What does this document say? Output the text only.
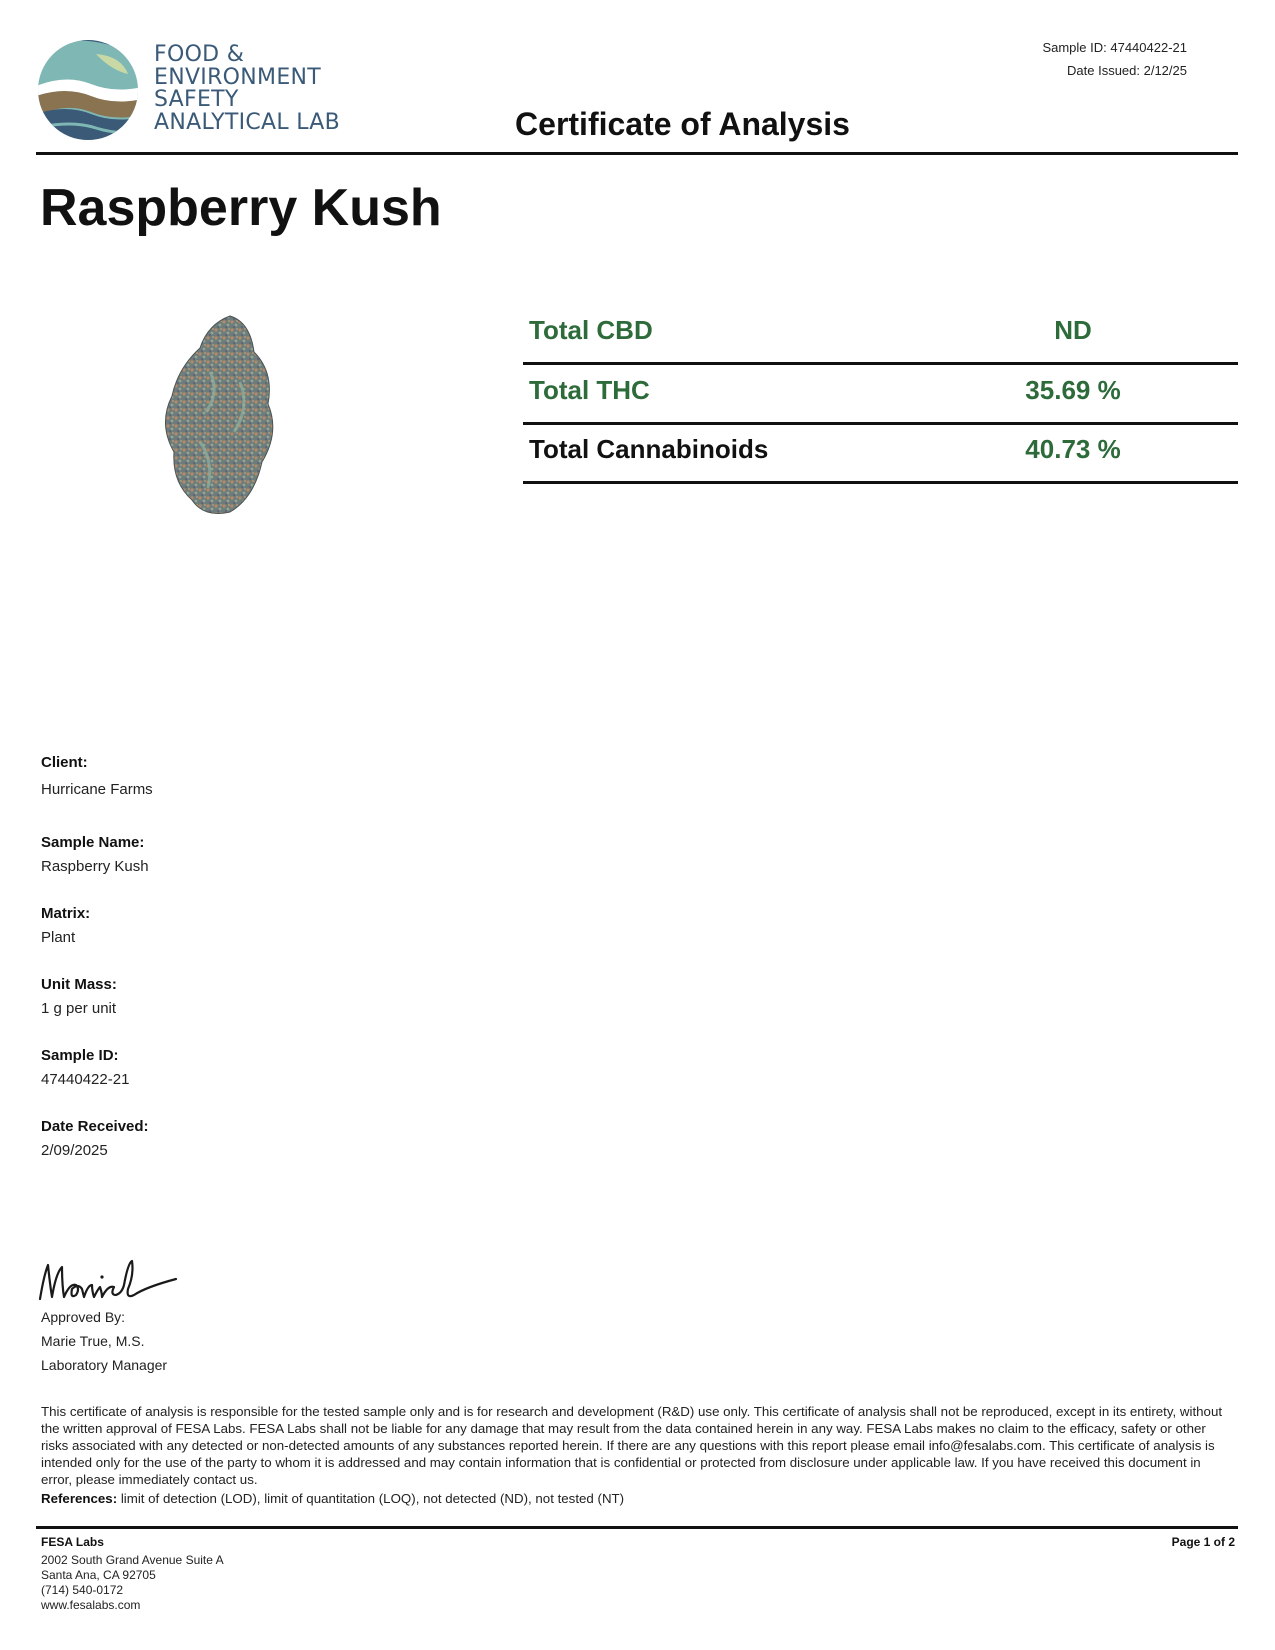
FOOD &
ENVIRONMENT
SAFETY
ANALYTICAL LAB
Sample ID: 47440422-21
Date Issued: 2/12/25
Certificate of Analysis
Raspberry Kush
Total CBD	ND
Total THC	35.69 %
Total Cannabinoids	40.73 %
Client:
Hurricane Farms
Sample Name:
Raspberry Kush
Matrix:
Plant
Unit Mass:
1 g per unit
Sample ID:
47440422-21
Date Received:
2/09/2025
Approved By:
Marie True, M.S.
Laboratory Manager
This certificate of analysis is responsible for the tested sample only and is for research and development (R&D) use only. This certificate of analysis shall not be reproduced, except in its entirety, without the written approval of FESA Labs. FESA Labs shall not be liable for any damage that may result from the data contained herein in any way. FESA Labs makes no claim to the efficacy, safety or other risks associated with any detected or non-detected amounts of any substances reported herein. If there are any questions with this report please email info@fesalabs.com. This certificate of analysis is intended only for the use of the party to whom it is addressed and may contain information that is confidential or protected from disclosure under applicable law. If you have received this document in error, please immediately contact us.
References: limit of detection (LOD), limit of quantitation (LOQ), not detected (ND), not tested (NT)
FESA Labs	Page 1 of 2
2002 South Grand Avenue Suite A
Santa Ana, CA 92705
(714) 540-0172
www.fesalabs.com
